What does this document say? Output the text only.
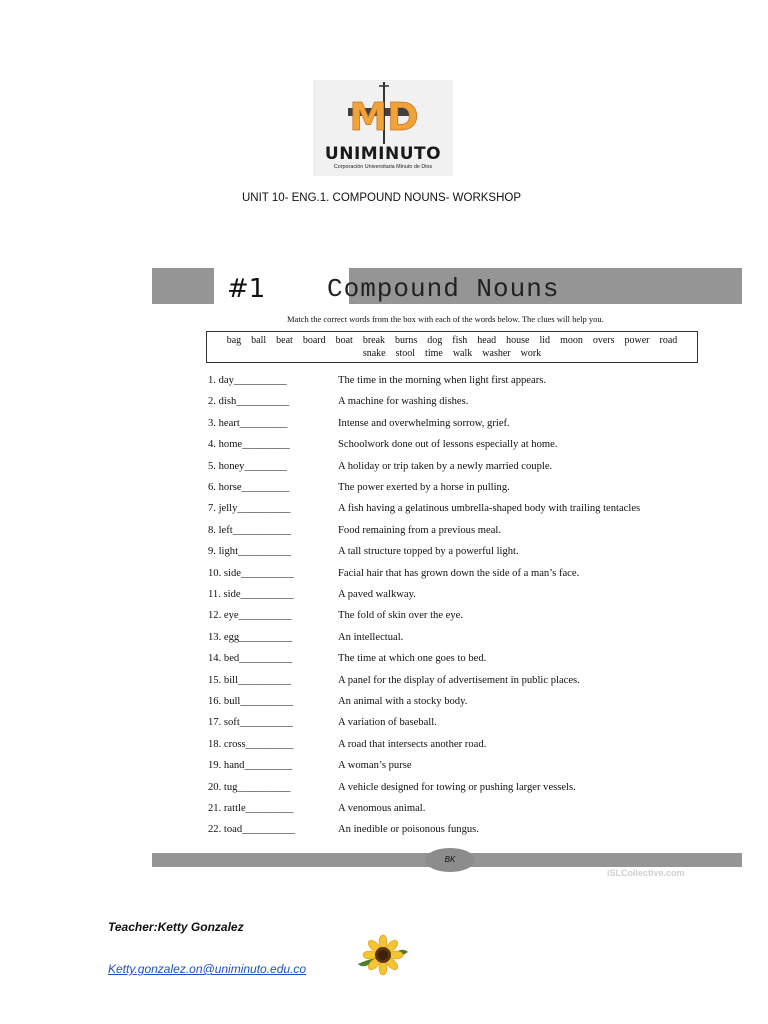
MD
UNIMINUTO
Corporación Universitaria Minuto de Dios
UNIT 10- ENG.1. COMPOUND NOUNS- WORKSHOP
#1 Compound Nouns
Match the correct words from the box with each of the words below. The clues will help you.
bag ball beat board boat break burns dog fish head house lid moon overs power roadsnake stool time walk washer work
1. day__________	The time in the morning when light first appears.
2. dish__________	A machine for washing dishes.
3. heart_________	Intense and overwhelming sorrow, grief.
4. home_________	Schoolwork done out of lessons especially at home.
5. honey________	A holiday or trip taken by a newly married couple.
6. horse_________	The power exerted by a horse in pulling.
7. jelly__________	A fish having a gelatinous umbrella-shaped body with trailing tentacles
8. left___________	Food remaining from a previous meal.
9. light__________	A tall structure topped by a powerful light.
10. side__________	Facial hair that has grown down the side of a man’s face.
11. side__________	A paved walkway.
12. eye__________	The fold of skin over the eye.
13. egg__________	An intellectual.
14. bed__________	The time at which one goes to bed.
15. bill__________	A panel for the display of advertisement in public places.
16. bull__________	An animal with a stocky body.
17. soft__________	A variation of baseball.
18. cross_________	A road that intersects another road.
19. hand_________	A woman’s purse
20. tug__________	A vehicle designed for towing or pushing larger vessels.
21. rattle_________	A venomous animal.
22. toad__________	An inedible or poisonous fungus.
BK
iSLCollective.com
Teacher:Ketty Gonzalez
Ketty.gonzalez.on@uniminuto.edu.co
